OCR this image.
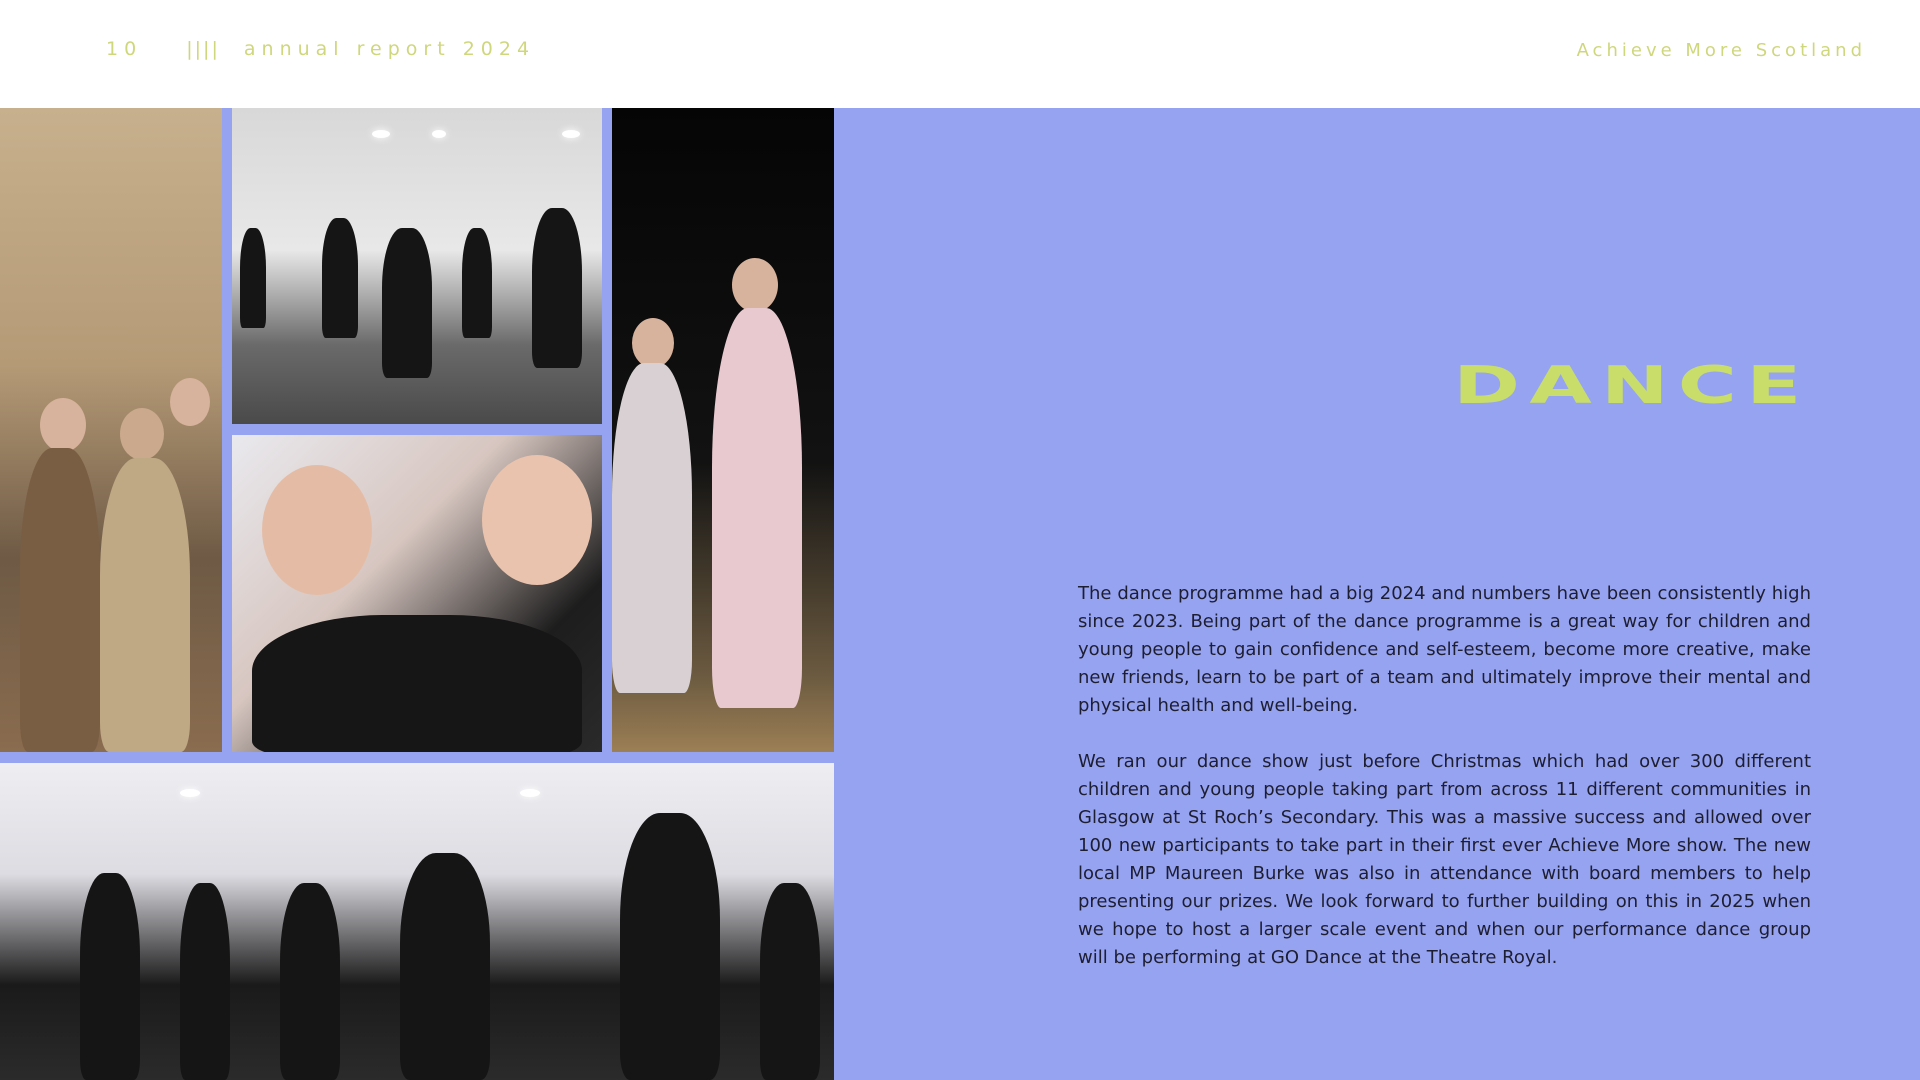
10 |||| annual report 2024	Achieve More Scotland
DANCE

The dance programme had a big 2024 and numbers have been consistently high since 2023. Being part of the dance programme is a great way for children and young people to gain confidence and self-esteem, become more creative, make new friends, learn to be part of a team and ultimately improve their mental and physical health and well-being.

We ran our dance show just before Christmas which had over 300 different children and young people taking part from across 11 different communities in Glasgow at St Roch’s Secondary. This was a massive success and allowed over 100 new participants to take part in their first ever Achieve More show. The new local MP Maureen Burke was also in attendance with board members to help presenting our prizes. We look forward to further building on this in 2025 when we hope to host a larger scale event and when our performance dance group will be performing at GO Dance at the Theatre Royal.
